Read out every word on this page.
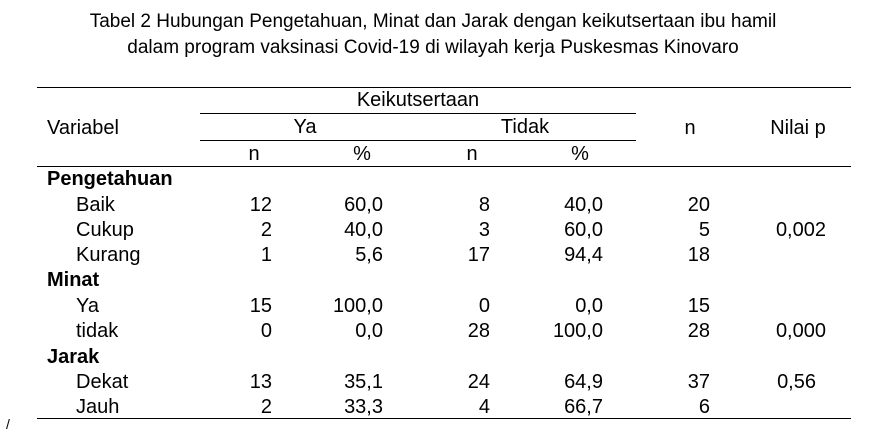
Tabel 2 Hubungan Pengetahuan, Minat dan Jarak dengan keikutsertaan ibu hamil
dalam program vaksinasi Covid-19 di wilayah kerja Puskesmas Kinovaro
Keikutsertaan
Variabel	Ya	Tidak	n	Nilai p
n	%	n	%
Pengetahuan
Baik	12	60,0	8	40,0	20
Cukup	2	40,0	3	60,0	5	0,002
Kurang	1	5,6	17	94,4	18
Minat
Ya	15	100,0	0	0,0	15
tidak	0	0,0	28	100,0	28	0,000
Jarak
Dekat	13	35,1	24	64,9	37	0,56
Jauh	2	33,3	4	66,7	6
/
